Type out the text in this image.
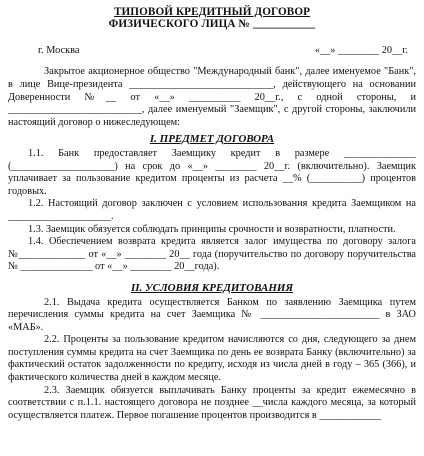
ТИПОВОЙ КРЕДИТНЫЙ ДОГОВОР
ФИЗИЧЕСКОГО ЛИЦА № ___________
г. Москва	«__» ________ 20__г.

Закрытое акционерное общество "Международный банк", далее именуемое "Банк", в лице Вице-президента ____________________________, действующего на основании Доверенности №__ от «__» __________ 20__г., с одной стороны, и __________________________, далее именуемый "Заемщик", с другой стороны, заключили настоящий договор о нижеследующем:

I. ПРЕДМЕТ ДОГОВОРА

1.1. Банк предоставляет Заемщику кредит в размере ______________ (____________________) на срок до «__» ________ 20__г. (включительно). Заемщик уплачивает за пользование кредитом проценты из расчета __% (__________) процентов годовых.

1.2. Настоящий договор заключен с условием использования кредита Заемщиком на ____________________.

1.3. Заемщик обязуется соблюдать принципы срочности и возвратности, платности.

1.4. Обеспечением возврата кредита является залог имущества по договору залога №_____________ от «__» ________ 20__ года (поручительство по договору поручительства № ______________ от «__» ________ 20__года).

II. УСЛОВИЯ КРЕДИТОВАНИЯ

2.1. Выдача кредита осуществляется Банком по заявлению Заемщика путем перечисления суммы кредита на счет Заемщика № _______________________ в ЗАО «МАБ».

2.2. Проценты за пользование кредитом начисляются со дня, следующего за днем поступления суммы кредита на счет Заемщика по день ее возврата Банку (включительно) за фактический остаток задолженности по кредиту, исходя из числа дней в году – 365 (366), и фактического количества дней в каждом месяце.

2.3. Заемщик обязуется выплачивать Банку проценты за кредит ежемесячно в соответствии с п.1.1. настоящего договора не позднее __числа каждого месяца, за который осуществляется платеж. Первое погашение процентов производится в ____________
